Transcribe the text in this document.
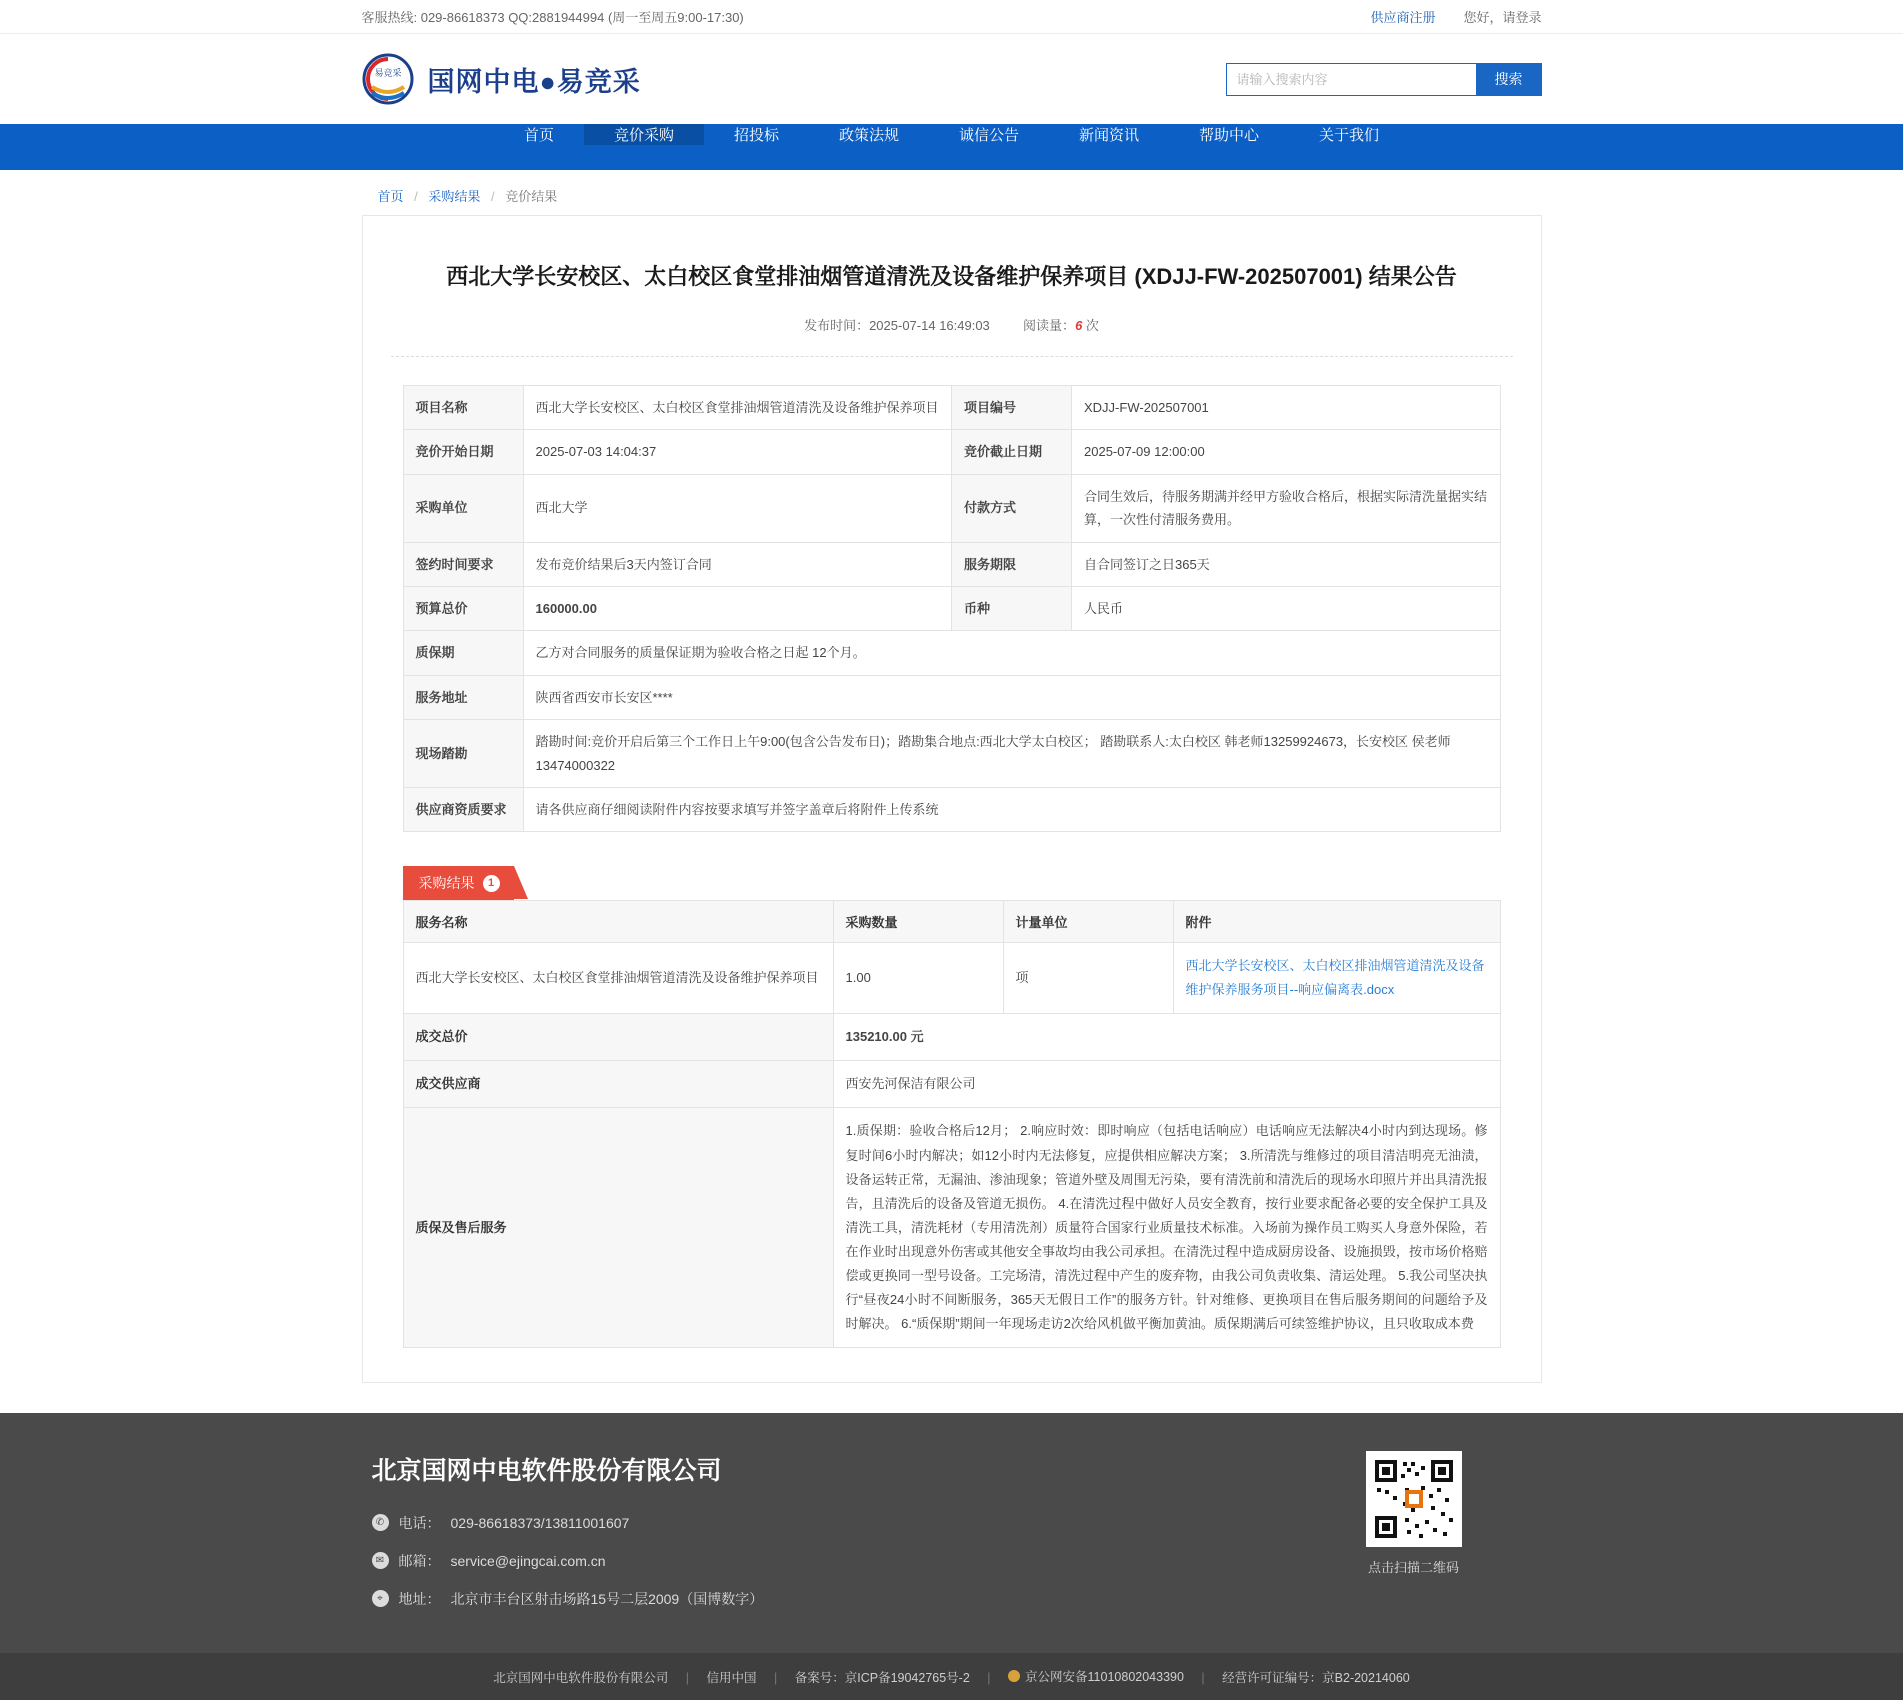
客服热线: 029-86618373 QQ:2881944994 (周一至周五9:00-17:30)	供应商注册 您好，请登录
易竞采 国网中电●易竞采
请输入搜索内容	搜索
首页	竞价采购	招投标	政策法规	诚信公告	新闻资讯	帮助中心	关于我们
首页 / 采购结果 / 竞价结果
西北大学长安校区、太白校区食堂排油烟管道清洗及设备维护保养项目 (XDJJ-FW-202507001) 结果公告
发布时间：2025-07-14 16:49:03	阅读量：6 次
项目名称	西北大学长安校区、太白校区食堂排油烟管道清洗及设备维护保养项目	项目编号	XDJJ-FW-202507001
竞价开始日期	2025-07-03 14:04:37	竞价截止日期	2025-07-09 12:00:00
采购单位	西北大学	付款方式	合同生效后，待服务期满并经甲方验收合格后，根据实际清洗量据实结算，一次性付清服务费用。
签约时间要求	发布竞价结果后3天内签订合同	服务期限	自合同签订之日365天
预算总价	160000.00	币种	人民币
质保期	乙方对合同服务的质量保证期为验收合格之日起 12个月。		
服务地址	陕西省西安市长安区****		
现场踏勘	踏勘时间:竞价开启后第三个工作日上午9:00(包含公告发布日)；踏勘集合地点:西北大学太白校区； 踏勘联系人:太白校区 韩老师13259924673，长安校区 侯老师13474000322		
供应商资质要求	请各供应商仔细阅读附件内容按要求填写并签字盖章后将附件上传系统		
采购结果	1
服务名称	采购数量	计量单位	附件
西北大学长安校区、太白校区食堂排油烟管道清洗及设备维护保养项目	1.00	项	西北大学长安校区、太白校区排油烟管道清洗及设备维护保养服务项目--响应偏离表.docx
成交总价	135210.00 元		
成交供应商	西安先河保洁有限公司		
质保及售后服务	1.质保期：验收合格后12月； 2.响应时效：即时响应（包括电话响应）电话响应无法解决4小时内到达现场。修复时间6小时内解决；如12小时内无法修复，应提供相应解决方案； 3.所清洗与维修过的项目清洁明亮无油渍，设备运转正常，无漏油、渗油现象；管道外壁及周围无污染，要有清洗前和清洗后的现场水印照片并出具清洗报告，且清洗后的设备及管道无损伤。 4.在清洗过程中做好人员安全教育，按行业要求配备必要的安全保护工具及清洗工具，清洗耗材（专用清洗剂）质量符合国家行业质量技术标准。入场前为操作员工购买人身意外保险，若在作业时出现意外伤害或其他安全事故均由我公司承担。在清洗过程中造成厨房设备、设施损毁，按市场价格赔偿或更换同一型号设备。工完场清，清洗过程中产生的废弃物，由我公司负责收集、清运处理。 5.我公司坚决执行“昼夜24小时不间断服务，365天无假日工作”的服务方针。针对维修、更换项目在售后服务期间的问题给予及时解决。 6.“质保期”期间一年现场走访2次给风机做平衡加黄油。质保期满后可续签维护协议，且只收取成本费		
北京国网中电软件股份有限公司
✆	电话： 029-86618373/13811001607
✉	邮箱： service@ejingcai.com.cn
⌖	地址： 北京市丰台区射击场路15号二层2009（国博数字）
点击扫描二维码
北京国网中电软件股份有限公司 | 信用中国 | 备案号：京ICP备19042765号-2 |	京公网安备11010802043390 | 经营许可证编号：京B2-20214060
